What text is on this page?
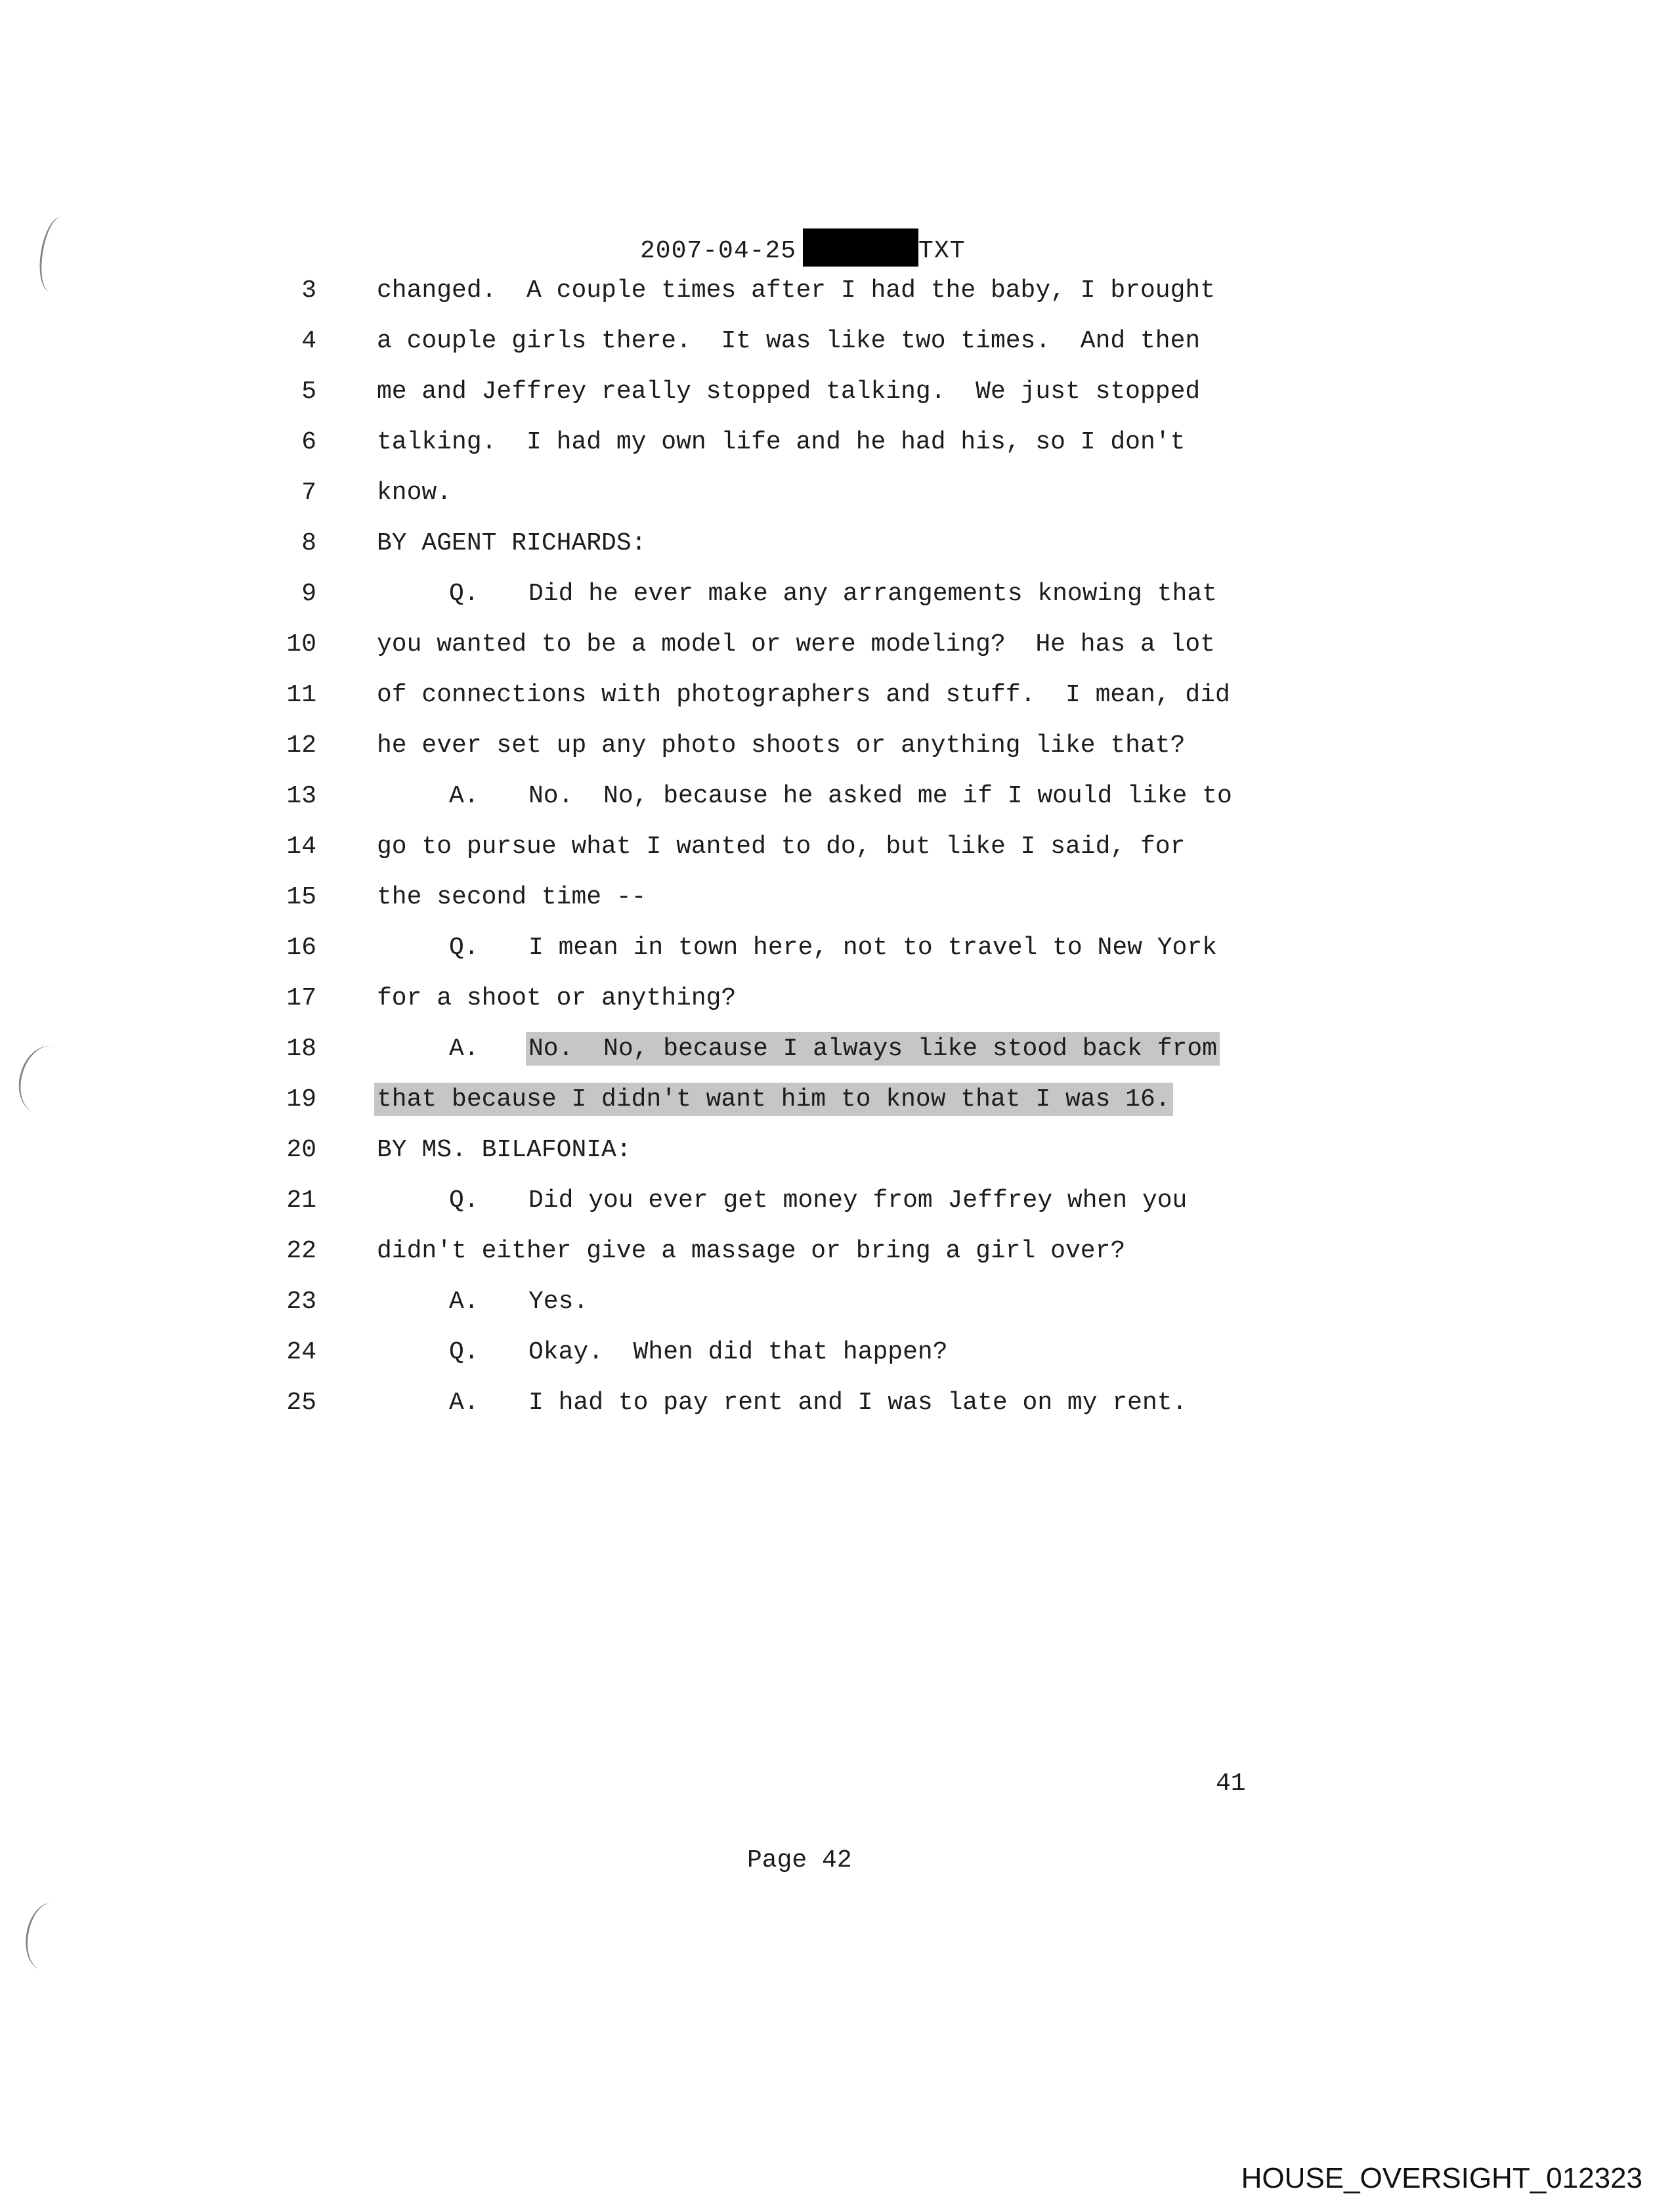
2007-04-25	TXT
3 changed.  A couple times after I had the baby, I brought
4 a couple girls there.  It was like two times.  And then
5 me and Jeffrey really stopped talking.  We just stopped
6 talking.  I had my own life and he had his, so I don't
7 know.
8 BY AGENT RICHARDS:
9	Q. Did he ever make any arrangements knowing that
10 you wanted to be a model or were modeling?  He has a lot
11 of connections with photographers and stuff.  I mean, did
12 he ever set up any photo shoots or anything like that?
13	A. No.  No, because he asked me if I would like to
14 go to pursue what I wanted to do, but like I said, for
15 the second time --
16	Q. I mean in town here, not to travel to New York
17 for a shoot or anything?
18	A. No.  No, because I always like stood back from
19 that because I didn't want him to know that I was 16.
20 BY MS. BILAFONIA:
21	Q. Did you ever get money from Jeffrey when you
22 didn't either give a massage or bring a girl over?
23	A. Yes.
24	Q. Okay.  When did that happen?
25	A. I had to pay rent and I was late on my rent.
41
Page 42
HOUSE_OVERSIGHT_012323
